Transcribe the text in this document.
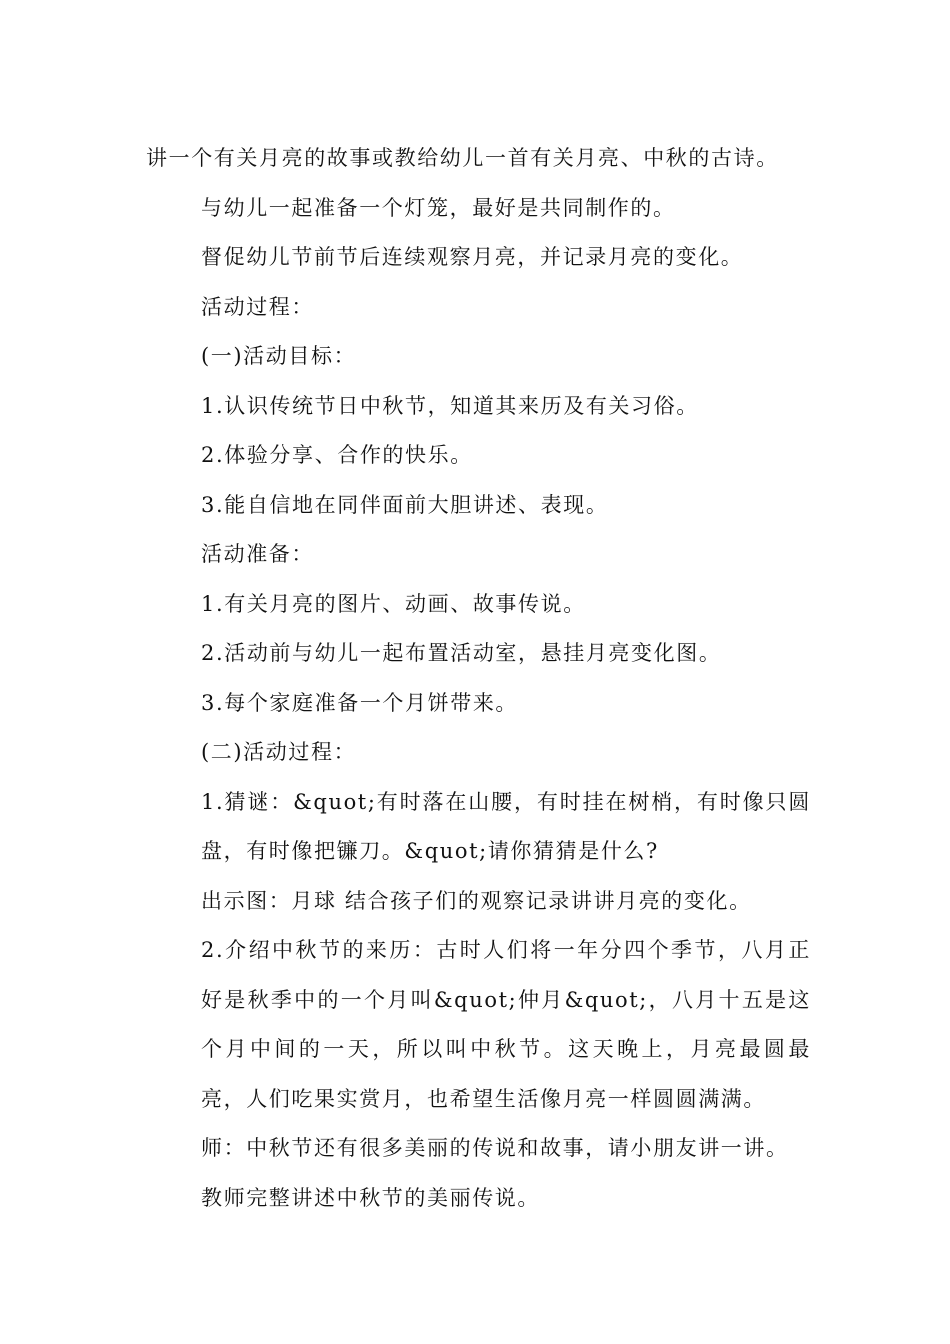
讲一个有关月亮的故事或教给幼儿一首有关月亮、中秋的古诗。

与幼儿一起准备一个灯笼，最好是共同制作的。

督促幼儿节前节后连续观察月亮，并记录月亮的变化。

活动过程：

(一)活动目标：

1.认识传统节日中秋节，知道其来历及有关习俗。

2.体验分享、合作的快乐。

3.能自信地在同伴面前大胆讲述、表现。

活动准备：

1.有关月亮的图片、动画、故事传说。

2.活动前与幼儿一起布置活动室，悬挂月亮变化图。

3.每个家庭准备一个月饼带来。

(二)活动过程：

1.猜谜：&quot;有时落在山腰，有时挂在树梢，有时像只圆盘，有时像把镰刀。&quot;请你猜猜是什么?

出示图：月球 结合孩子们的观察记录讲讲月亮的变化。

2.介绍中秋节的来历：古时人们将一年分四个季节，八月正好是秋季中的一个月叫&quot;仲月&quot;，八月十五是这个月中间的一天，所以叫中秋节。这天晚上，月亮最圆最亮，人们吃果实赏月，也希望生活像月亮一样圆圆满满。

师：中秋节还有很多美丽的传说和故事，请小朋友讲一讲。

教师完整讲述中秋节的美丽传说。
